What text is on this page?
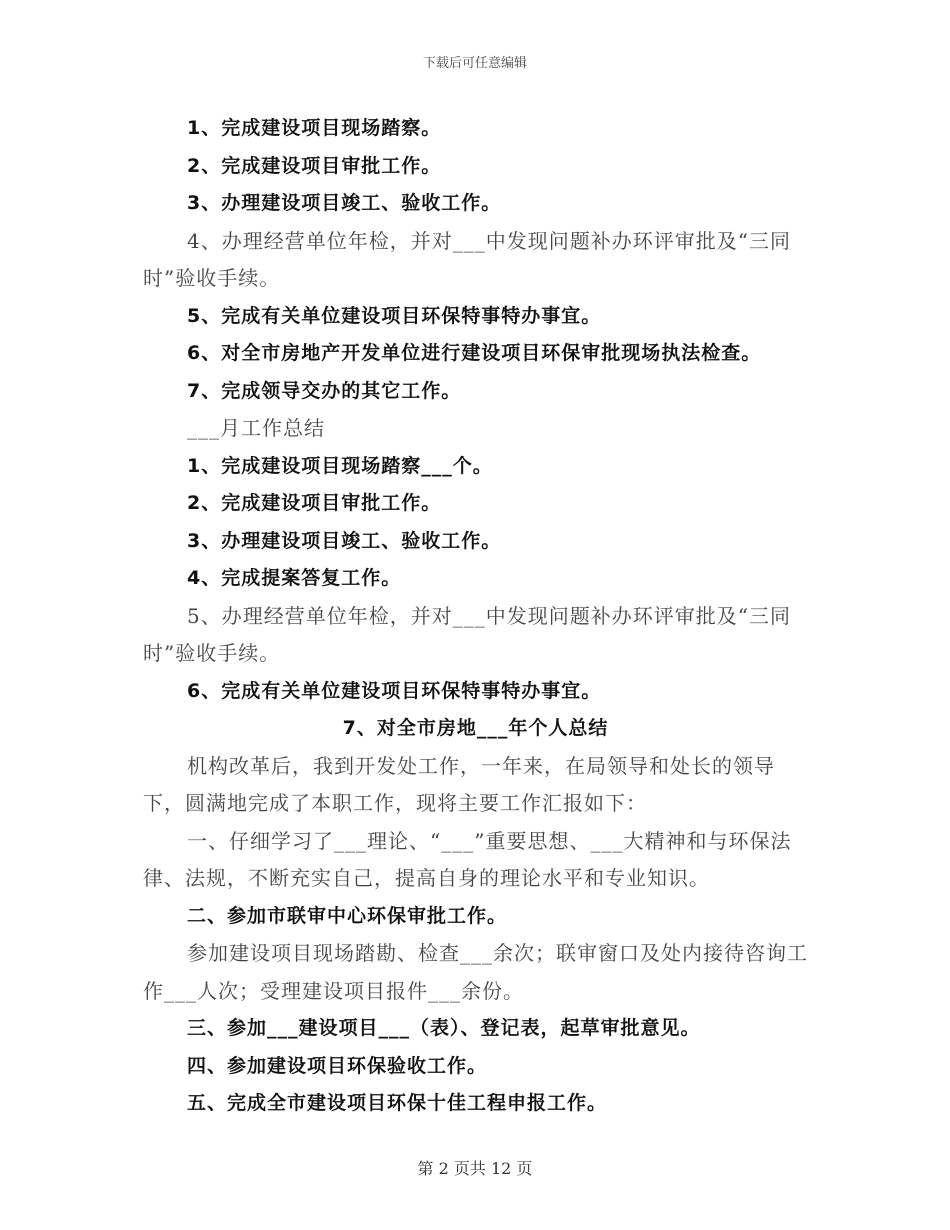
下载后可任意编辑

1、完成建设项目现场踏察。

2、完成建设项目审批工作。

3、办理建设项目竣工、验收工作。

4、办理经营单位年检，并对___中发现问题补办环评审批及“三同时”验收手续。

5、完成有关单位建设项目环保特事特办事宜。

6、对全市房地产开发单位进行建设项目环保审批现场执法检查。

7、完成领导交办的其它工作。

___月工作总结

1、完成建设项目现场踏察___个。

2、完成建设项目审批工作。

3、办理建设项目竣工、验收工作。

4、完成提案答复工作。

5、办理经营单位年检，并对___中发现问题补办环评审批及“三同时”验收手续。

6、完成有关单位建设项目环保特事特办事宜。

7、对全市房地___年个人总结

机构改革后，我到开发处工作，一年来，在局领导和处长的领导下，圆满地完成了本职工作，现将主要工作汇报如下：

一、仔细学习了___理论、“___”重要思想、___大精神和与环保法律、法规，不断充实自己，提高自身的理论水平和专业知识。

二、参加市联审中心环保审批工作。

参加建设项目现场踏勘、检查___余次；联审窗口及处内接待咨询工作___人次；受理建设项目报件___余份。

三、参加___建设项目___（表）、登记表，起草审批意见。

四、参加建设项目环保验收工作。

五、完成全市建设项目环保十佳工程申报工作。

第 2 页共 12 页
